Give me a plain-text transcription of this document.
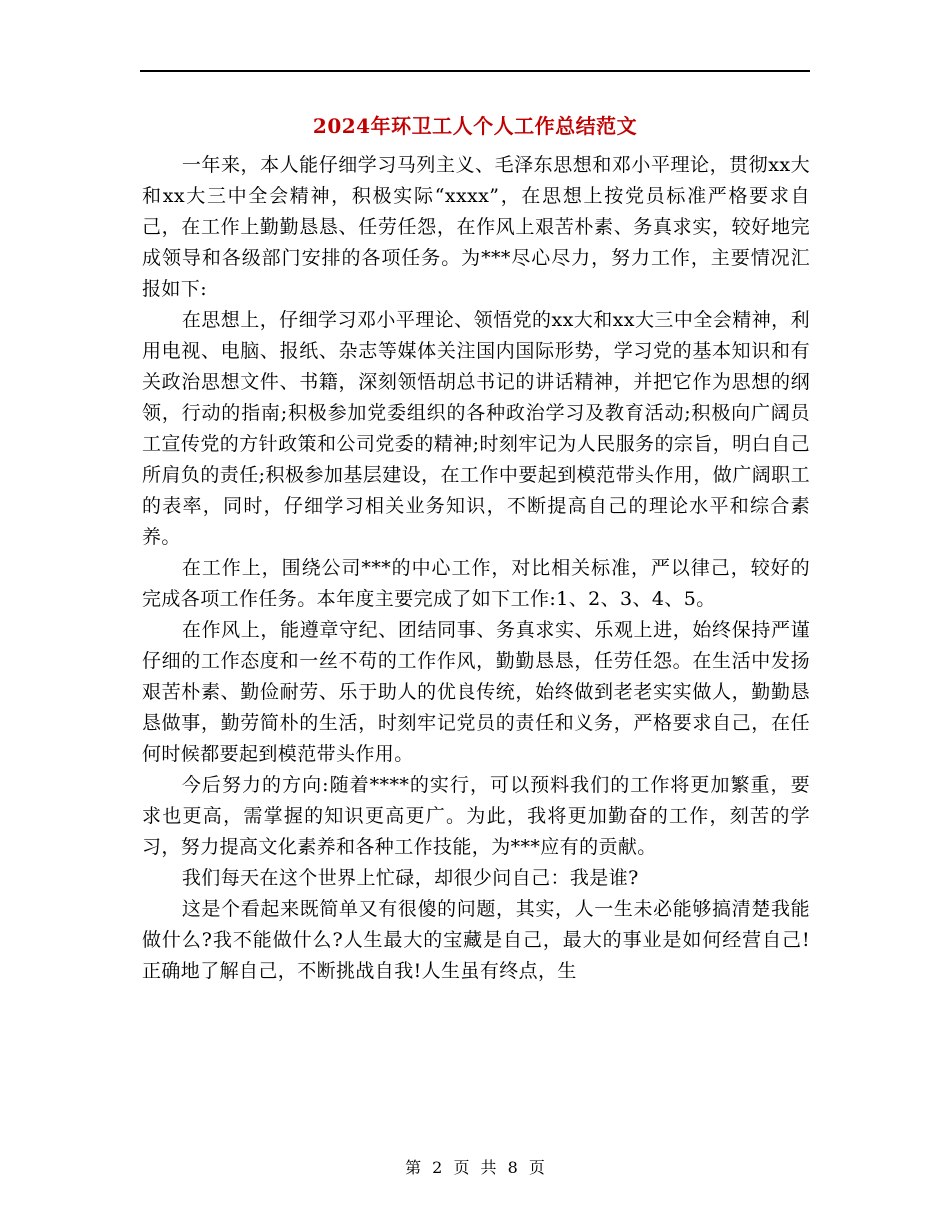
2024年环卫工人个人工作总结范文

一年来，本人能仔细学习马列主义、毛泽东思想和邓小平理论，贯彻xx大和xx大三中全会精神，积极实际“xxxx”，在思想上按党员标准严格要求自己，在工作上勤勤恳恳、任劳任怨，在作风上艰苦朴素、务真求实，较好地完成领导和各级部门安排的各项任务。为***尽心尽力，努力工作，主要情况汇报如下:

在思想上，仔细学习邓小平理论、领悟党的xx大和xx大三中全会精神，利用电视、电脑、报纸、杂志等媒体关注国内国际形势，学习党的基本知识和有关政治思想文件、书籍，深刻领悟胡总书记的讲话精神，并把它作为思想的纲领，行动的指南;积极参加党委组织的各种政治学习及教育活动;积极向广阔员工宣传党的方针政策和公司党委的精神;时刻牢记为人民服务的宗旨，明白自己所肩负的责任;积极参加基层建设，在工作中要起到模范带头作用，做广阔职工的表率，同时，仔细学习相关业务知识，不断提高自己的理论水平和综合素养。

在工作上，围绕公司***的中心工作，对比相关标准，严以律己，较好的完成各项工作任务。本年度主要完成了如下工作:1、2、3、4、5。

在作风上，能遵章守纪、团结同事、务真求实、乐观上进，始终保持严谨仔细的工作态度和一丝不苟的工作作风，勤勤恳恳，任劳任怨。在生活中发扬艰苦朴素、勤俭耐劳、乐于助人的优良传统，始终做到老老实实做人，勤勤恳恳做事，勤劳简朴的生活，时刻牢记党员的责任和义务，严格要求自己，在任何时候都要起到模范带头作用。

今后努力的方向:随着****的实行，可以预料我们的工作将更加繁重，要求也更高，需掌握的知识更高更广。为此，我将更加勤奋的工作，刻苦的学习，努力提高文化素养和各种工作技能，为***应有的贡献。

我们每天在这个世界上忙碌，却很少问自己：我是谁?

这是个看起来既简单又有很傻的问题，其实，人一生未必能够搞清楚我能做什么?我不能做什么?人生最大的宝藏是自己，最大的事业是如何经营自己!正确地了解自己，不断挑战自我!人生虽有终点，生

第 2 页 共 8 页
